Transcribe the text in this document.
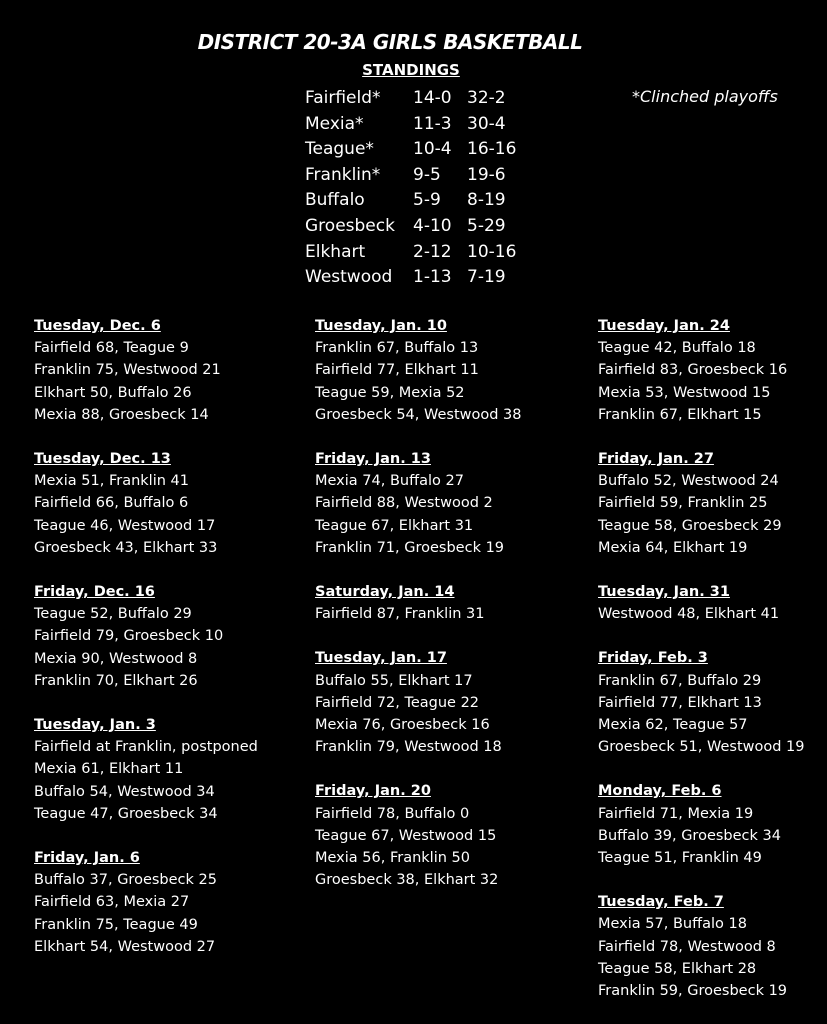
DISTRICT 20-3A GIRLS BASKETBALL
STANDINGS
*Clinched playoffs
Fairfield* 14-0 32-2
Mexia*	11-3 30-4
Teague* 10-4 16-16
Franklin* 9-5 19-6
Buffalo	5-9 8-19
Groesbeck 4-10 5-29
Elkhart	2-12 10-16
Westwood 1-13 7-19
Tuesday, Dec. 6
Fairfield 68, Teague 9
Franklin 75, Westwood 21
Elkhart 50, Buffalo 26
Mexia 88, Groesbeck 14
Tuesday, Dec. 13
Mexia 51, Franklin 41
Fairfield 66, Buffalo 6
Teague 46, Westwood 17
Groesbeck 43, Elkhart 33
Friday, Dec. 16
Teague 52, Buffalo 29
Fairfield 79, Groesbeck 10
Mexia 90, Westwood 8
Franklin 70, Elkhart 26
Tuesday, Jan. 3
Fairfield at Franklin, postponed
Mexia 61, Elkhart 11
Buffalo 54, Westwood 34
Teague 47, Groesbeck 34
Friday, Jan. 6
Buffalo 37, Groesbeck 25
Fairfield 63, Mexia 27
Franklin 75, Teague 49
Elkhart 54, Westwood 27
Tuesday, Jan. 10
Franklin 67, Buffalo 13
Fairfield 77, Elkhart 11
Teague 59, Mexia 52
Groesbeck 54, Westwood 38
Friday, Jan. 13
Mexia 74, Buffalo 27
Fairfield 88, Westwood 2
Teague 67, Elkhart 31
Franklin 71, Groesbeck 19
Saturday, Jan. 14
Fairfield 87, Franklin 31
Tuesday, Jan. 17
Buffalo 55, Elkhart 17
Fairfield 72, Teague 22
Mexia 76, Groesbeck 16
Franklin 79, Westwood 18
Friday, Jan. 20
Fairfield 78, Buffalo 0
Teague 67, Westwood 15
Mexia 56, Franklin 50
Groesbeck 38, Elkhart 32
Tuesday, Jan. 24
Teague 42, Buffalo 18
Fairfield 83, Groesbeck 16
Mexia 53, Westwood 15
Franklin 67, Elkhart 15
Friday, Jan. 27
Buffalo 52, Westwood 24
Fairfield 59, Franklin 25
Teague 58, Groesbeck 29
Mexia 64, Elkhart 19
Tuesday, Jan. 31
Westwood 48, Elkhart 41
Friday, Feb. 3
Franklin 67, Buffalo 29
Fairfield 77, Elkhart 13
Mexia 62, Teague 57
Groesbeck 51, Westwood 19
Monday, Feb. 6
Fairfield 71, Mexia 19
Buffalo 39, Groesbeck 34
Teague 51, Franklin 49
Tuesday, Feb. 7
Mexia 57, Buffalo 18
Fairfield 78, Westwood 8
Teague 58, Elkhart 28
Franklin 59, Groesbeck 19
